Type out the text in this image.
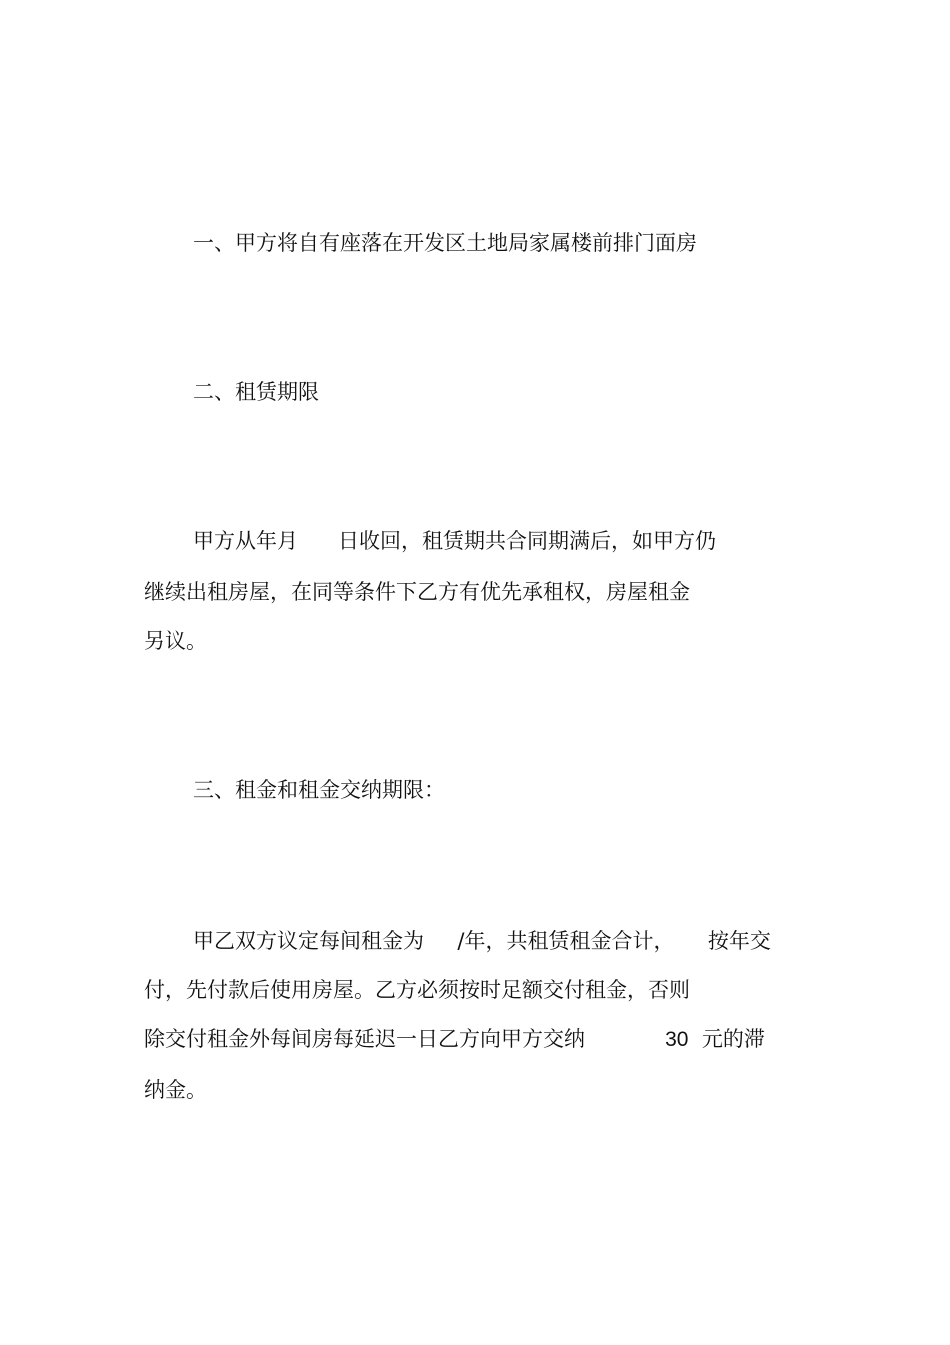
一、甲方将自有座落在开发区土地局家属楼前排门面房

二、租赁期限

甲方从年月      日收回，租赁期共合同期满后，如甲方仍

继续出租房屋，在同等条件下乙方有优先承租权，房屋租金

另议。

三、租金和租金交纳期限：

甲乙双方议定每间租金为     /年，共租赁租金合计，     按年交

付，先付款后使用房屋。乙方必须按时足额交付租金，否则

除交付租金外每间房每延迟一日乙方向甲方交纳            30  元的滞

纳金。
